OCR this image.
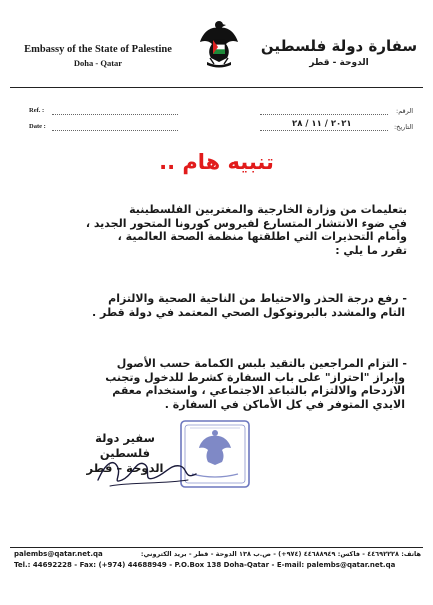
Embassy of the State of Palestine
Doha - Qatar
سفارة دولة فلسطين
الدوحة - قطر
Ref. :
Date :
الرقم:
التاريخ:
٢٠٢١ / ١١ / ٢٨
تنبيه هام ..
بتعليمات من وزارة الخارجية والمغتربين الفلسطينية
في ضوء الانتشار المتسارع لفيروس كورونا المتحور الجديد ،
وأمام التحذيرات التي اطلقتها منظمة الصحة العالمية ،
تقرر ما يلي :
- رفع درجة الحذر والاحتياط من الناحية الصحية والالتزام
التام والمشدد بالبروتوكول الصحي المعتمد في دولة قطر .
- التزام المراجعين بالتقيد بلبس الكمامة حسب الأصول
وإبراز "احتراز" على باب السفارة كشرط للدخول وتجنب
الازدحام والالتزام بالتباعد الاجتماعي ، واستخدام معقم
الايدي المتوفر في كل الأماكن في السفارة .
سفير دولة فلسطين
الدوحة – قطر
palembs@qatar.net.qa	هاتف: ٤٤٦٩٢٢٢٨ - فاكس: ٤٤٦٨٨٩٤٩ (٩٧٤+) - ص.ب ١٣٨ الدوحة - قطر - بريد الكتروني:
Tel.: 44692228 - Fax: (+974) 44688949 - P.O.Box 138 Doha-Qatar - E-mail: palembs@qatar.net.qa
